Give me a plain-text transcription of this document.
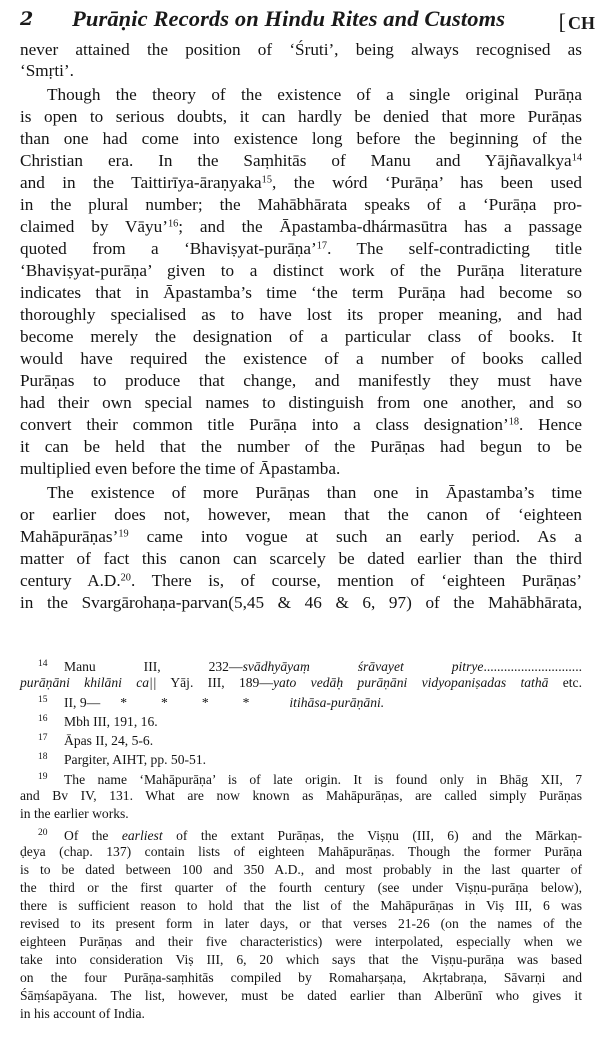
2 Purāṇic Records on Hindu Rites and Customs [ CH
never attained the position of ‘Śruti’, being always recognised as
‘Smṛti’.
Though the theory of the existence of a single original Purāṇa
is open to serious doubts, it can hardly be denied that more Purāṇas
than one had come into existence long before the beginning of the
Christian era. In the Saṃhitās of Manu and Yājñavalkya$^{14}$
and in the Taittirīya-āraṇyaka$^{15}$, the wórd ‘Purāṇa’ has been used
in the plural number; the Mahābhārata speaks of a ‘Purāṇa pro-
claimed by Vāyu’$^{16}$; and the Āpastamba-dhármasūtra has a passage
quoted from a ‘Bhaviṣyat-purāṇa’$^{17}$. The self-contradicting title
‘Bhaviṣyat-purāṇa’ given to a distinct work of the Purāṇa literature
indicates that in Āpastamba’s time ‘the term Purāṇa had become so
thoroughly specialised as to have lost its proper meaning, and had
become merely the designation of a particular class of books. It
would have required the existence of a number of books called
Purāṇas to produce that change, and manifestly they must have
had their own special names to distinguish from one another, and so
convert their common title Purāṇa into a class designation’$^{18}$. Hence
it can be held that the number of the Purāṇas had begun to be
multiplied even before the time of Āpastamba.
The existence of more Purāṇas than one in Āpastamba’s time
or earlier does not, however, mean that the canon of ‘eighteen
Mahāpurāṇas’$^{19}$ came into vogue at such an early period. As a
matter of fact this canon can scarcely be dated earlier than the third
century A.D.$^{20}$. There is, of course, mention of ‘eighteen Purāṇas’
in the Svargārohaṇa-parvan(5,45 & 46 & 6, 97) of the Mahābhārata,
14 Manu III, 232—svādhyāyaṃ śrāvayet pitrye.............................
purāṇāni khilāni ca|| Yāj. III, 189—yato vedāḥ purāṇāni vidyopaniṣadas tathā etc.
15 II, 9— *          *          *          *	itihāsa-purāṇāni.
16 Mbh III, 191, 16.
17 Āpas II, 24, 5-6.
18 Pargiter, AIHT, pp. 50-51.
19 The name ‘Mahāpurāṇa’ is of late origin. It is found only in Bhāg XII, 7
and Bv IV, 131. What are now known as Mahāpurāṇas, are called simply Purāṇas
in the earlier works.
20 Of the earliest of the extant Purāṇas, the Viṣṇu (III, 6) and the Mārkaṇ-
ḍeya (chap. 137) contain lists of eighteen Mahāpurāṇas. Though the former Purāṇa
is to be dated between 100 and 350 A.D., and most probably in the last quarter of
the third or the first quarter of the fourth century (see under Viṣṇu-purāṇa below),
there is sufficient reason to hold that the list of the Mahāpurāṇas in Viṣ III, 6 was
revised to its present form in later days, or that verses 21-26 (on the names of the
eighteen Purāṇas and their five characteristics) were interpolated, especially when we
take into consideration Viṣ III, 6, 20 which says that the Viṣṇu-purāṇa was based
on the four Purāṇa-saṃhitās compiled by Romaharṣaṇa, Akṛtabraṇa, Sāvarṇi and
Śāṃśapāyana. The list, however, must be dated earlier than Alberūnī who gives it
in his account of India.
